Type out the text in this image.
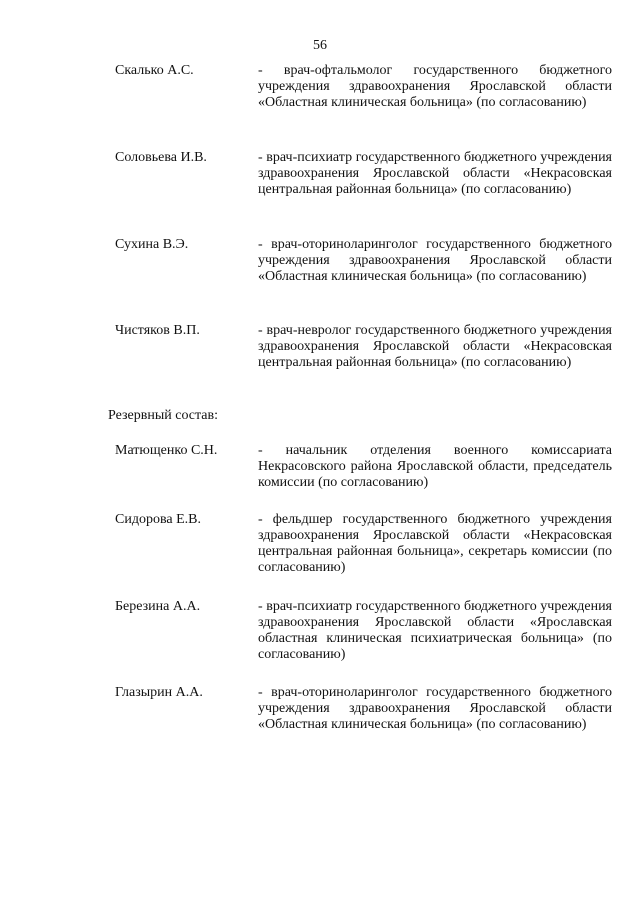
56
Скалько А.С.	- врач-офтальмолог государственного бюджетного учреждения здравоохранения Ярославской области «Областная клиническая больница» (по согласованию)
Соловьева И.В.	- врач-психиатр государственного бюджетного учреждения здравоохранения Ярославской области «Некрасовская центральная районная больница» (по согласованию)
Сухина В.Э.	- врач-оториноларинголог государственного бюджетного учреждения здравоохранения Ярославской области «Областная клиническая больница» (по согласованию)
Чистяков В.П.	- врач-невролог государственного бюджетного учреждения здравоохранения Ярославской области «Некрасовская центральная районная больница» (по согласованию)
Резервный состав:
Матющенко С.Н.	- начальник отделения военного комиссариата Некрасовского района Ярославской области, председатель комиссии (по согласованию)
Сидорова Е.В.	- фельдшер государственного бюджетного учреждения здравоохранения Ярославской области «Некрасовская центральная районная больница», секретарь комиссии (по согласованию)
Березина А.А.	- врач-психиатр государственного бюджетного учреждения здравоохранения Ярославской области «Ярославская областная клиническая психиатрическая больница» (по согласованию)
Глазырин А.А.	- врач-оториноларинголог государственного бюджетного учреждения здравоохранения Ярославской области «Областная клиническая больница» (по согласованию)
